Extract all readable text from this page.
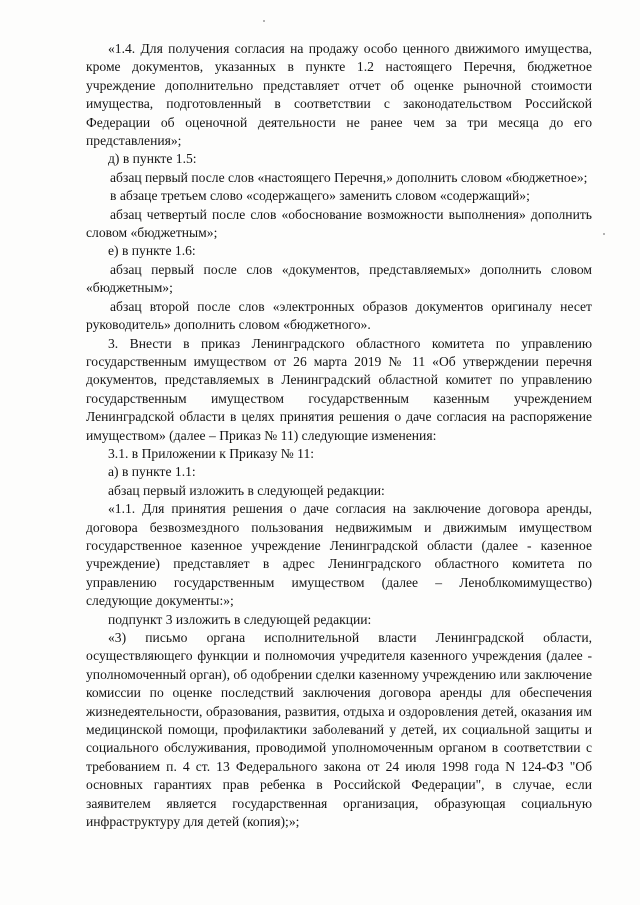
«1.4. Для получения согласия на продажу особо ценного движимого имущества, кроме документов, указанных в пункте 1.2 настоящего Перечня, бюджетное учреждение дополнительно представляет отчет об оценке рыночной стоимости имущества, подготовленный в соответствии с законодательством Российской Федерации об оценочной деятельности не ранее чем за три месяца до его представления»;

д) в пункте 1.5:

абзац первый после слов «настоящего Перечня,» дополнить словом «бюджетное»;

в абзаце третьем слово «содержащего» заменить словом «содержащий»;

абзац четвертый после слов «обоснование возможности выполнения» дополнить словом «бюджетным»;

е) в пункте 1.6:

абзац первый после слов «документов, представляемых» дополнить словом «бюджетным»;

абзац второй после слов «электронных образов документов оригиналу несет руководитель» дополнить словом «бюджетного».

3. Внести в приказ Ленинградского областного комитета по управлению государственным имуществом от 26 марта 2019 № 11 «Об утверждении перечня документов, представляемых в Ленинградский областной комитет по управлению государственным имуществом государственным казенным учреждением Ленинградской области в целях принятия решения о даче согласия на распоряжение имуществом» (далее – Приказ № 11) следующие изменения:

3.1. в Приложении к Приказу № 11:

а) в пункте 1.1:

абзац первый изложить в следующей редакции:

«1.1. Для принятия решения о даче согласия на заключение договора аренды, договора безвозмездного пользования недвижимым и движимым имуществом государственное казенное учреждение Ленинградской области (далее - казенное учреждение) представляет в адрес Ленинградского областного комитета по управлению государственным имуществом (далее – Леноблкомимущество) следующие документы:»;

подпункт 3 изложить в следующей редакции:

«3) письмо органа исполнительной власти Ленинградской области, осуществляющего функции и полномочия учредителя казенного учреждения (далее - уполномоченный орган), об одобрении сделки казенному учреждению или заключение комиссии по оценке последствий заключения договора аренды для обеспечения жизнедеятельности, образования, развития, отдыха и оздоровления детей, оказания им медицинской помощи, профилактики заболеваний у детей, их социальной защиты и социального обслуживания, проводимой уполномоченным органом в соответствии с требованием п. 4 ст. 13 Федерального закона от 24 июля 1998 года N 124-ФЗ "Об основных гарантиях прав ребенка в Российской Федерации", в случае, если заявителем является государственная организация, образующая социальную инфраструктуру для детей (копия);»;
